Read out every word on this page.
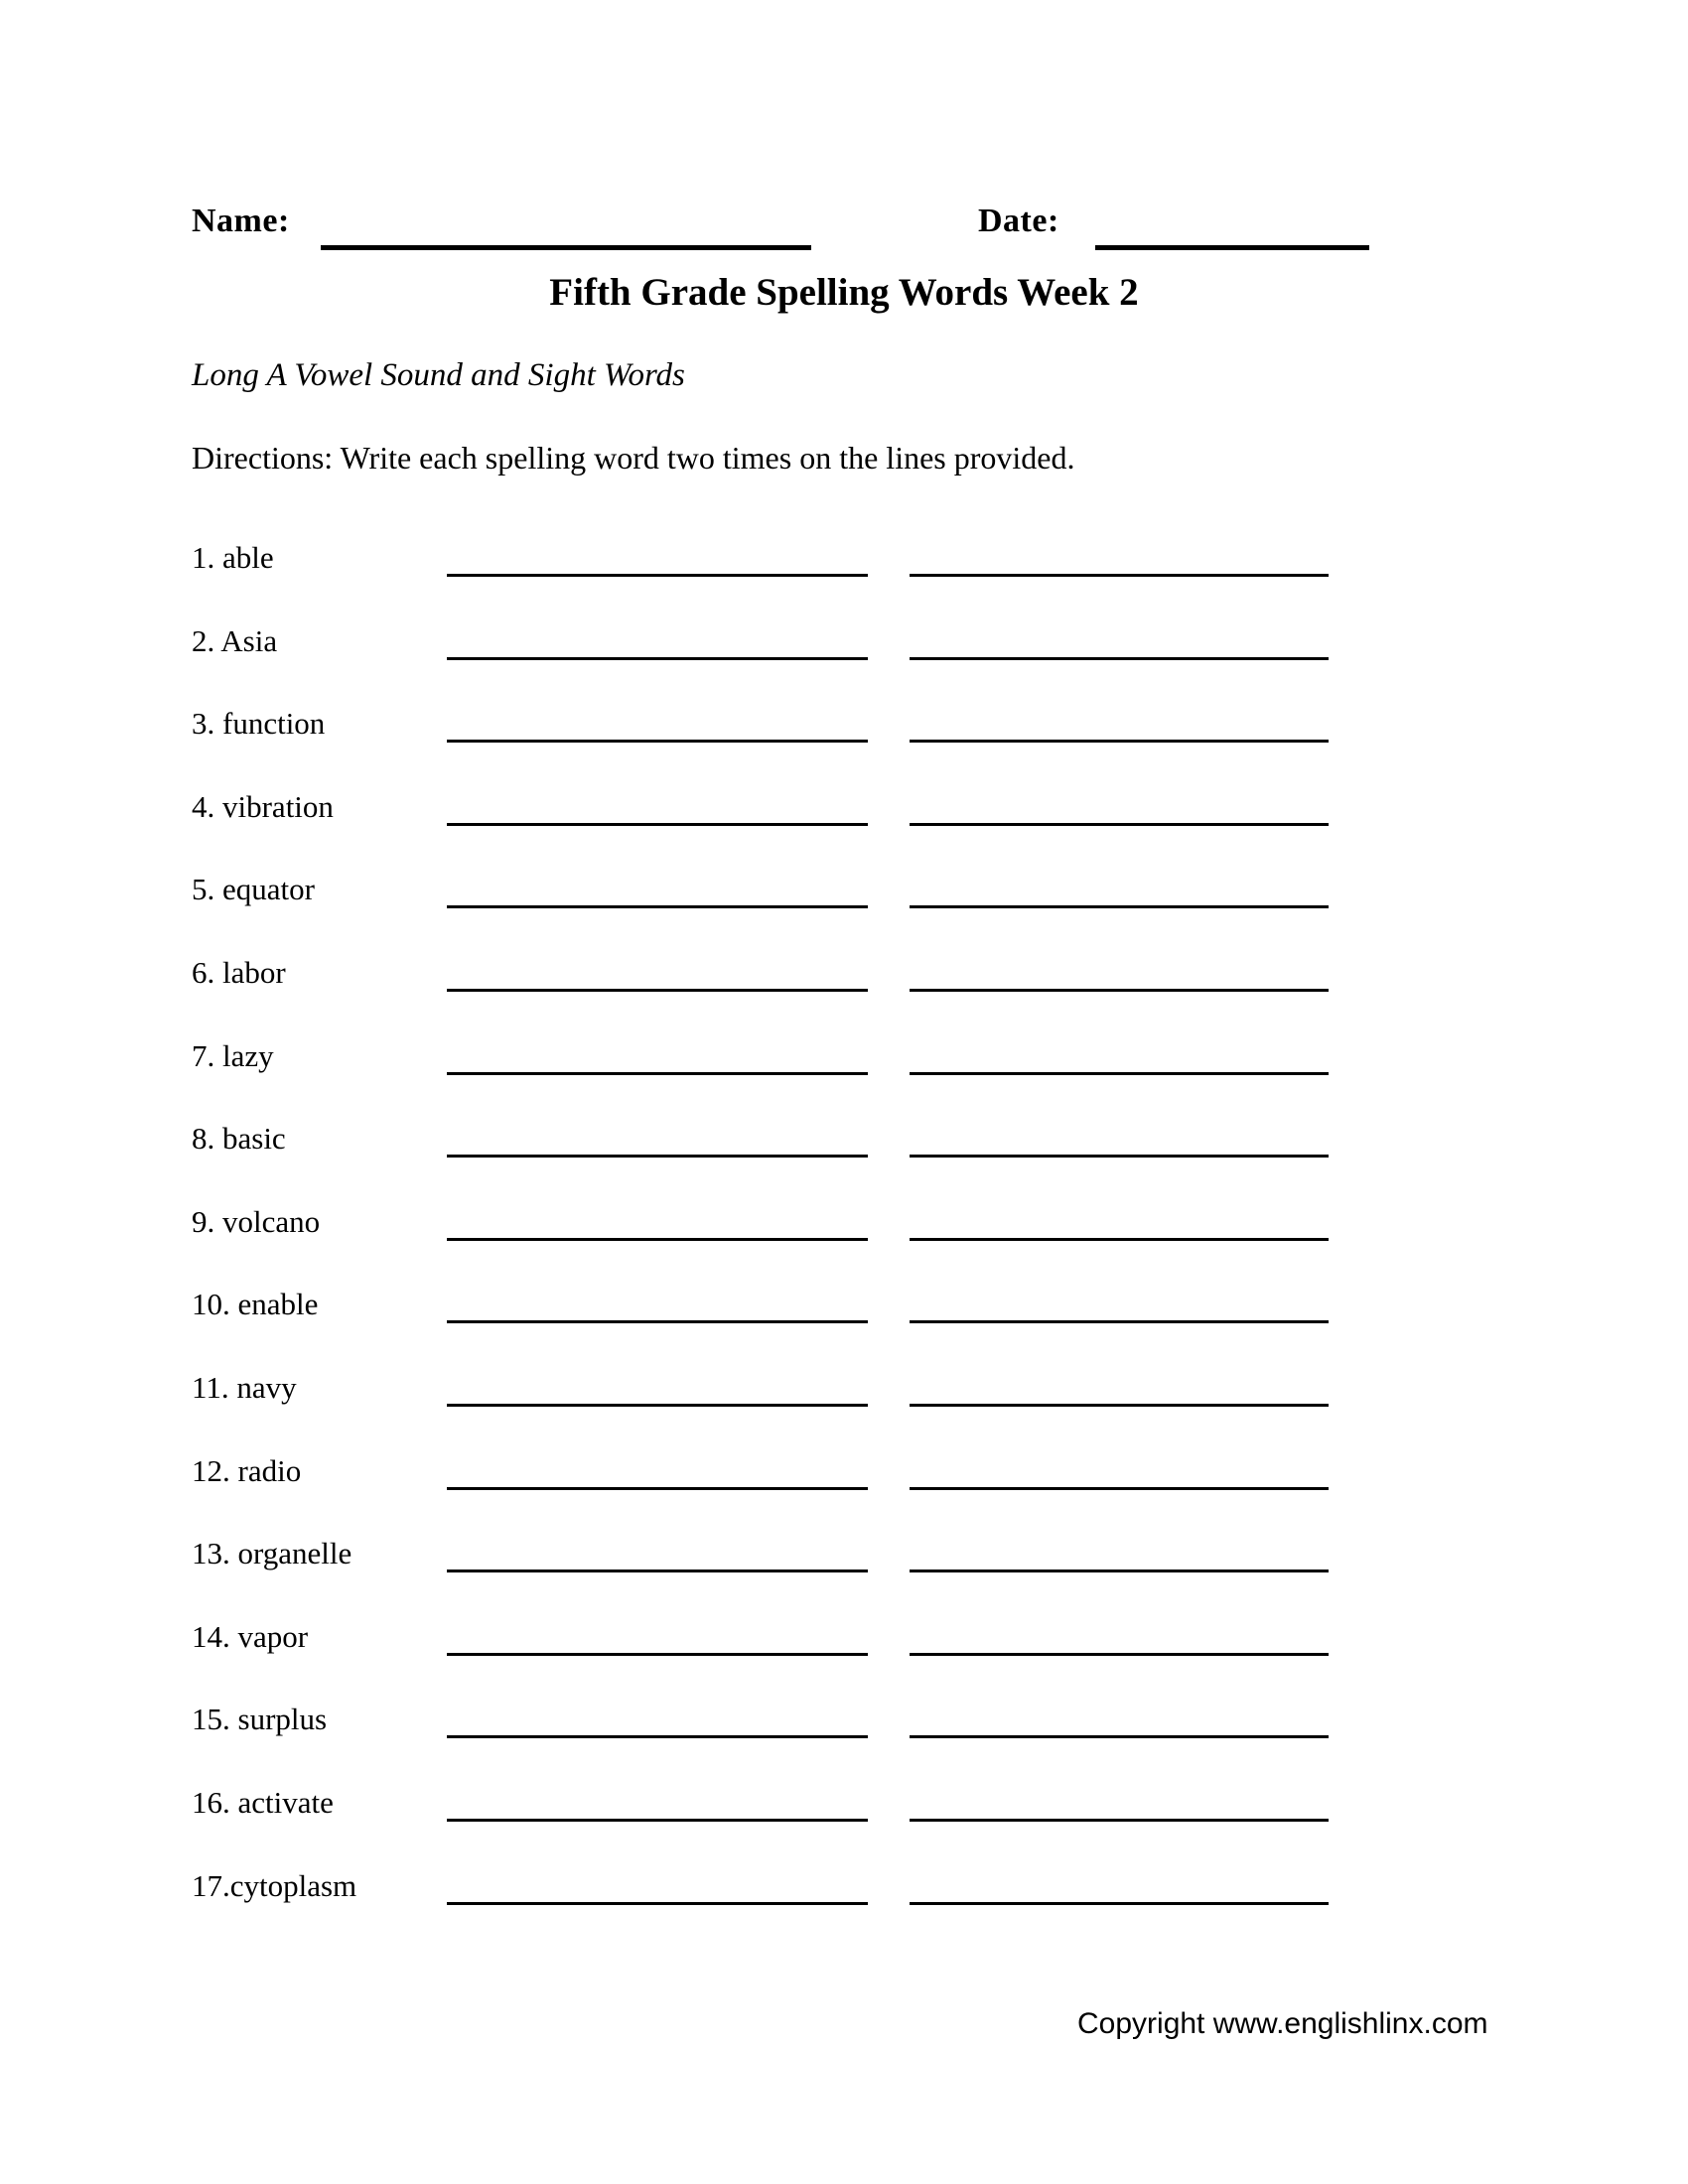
Name:	Date:
Fifth Grade Spelling Words Week 2
Long A Vowel Sound and Sight Words
Directions: Write each spelling word two times on the lines provided.
1. able
2. Asia
3. function
4. vibration
5. equator
6. labor
7. lazy
8. basic
9. volcano
10. enable
11. navy
12. radio
13. organelle
14. vapor
15. surplus
16. activate
17.cytoplasm
Copyright www.englishlinx.com
